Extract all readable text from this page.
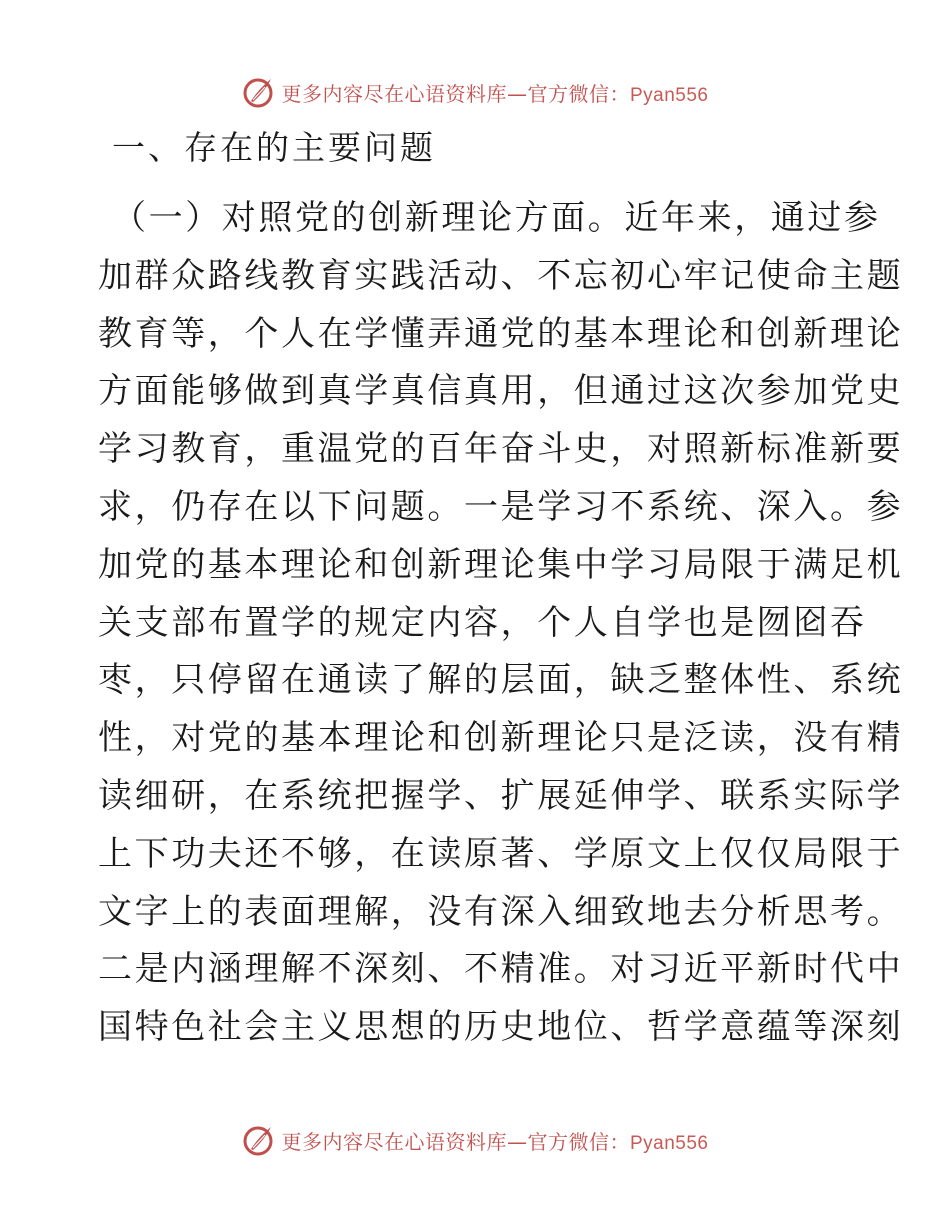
更多内容尽在心语资料库—官方微信：Pyan556
一、存在的主要问题
（一）对照党的创新理论方面。近年来，通过参
加群众路线教育实践活动、不忘初心牢记使命主题
教育等，个人在学懂弄通党的基本理论和创新理论
方面能够做到真学真信真用，但通过这次参加党史
学习教育，重温党的百年奋斗史，对照新标准新要
求，仍存在以下问题。一是学习不系统、深入。参
加党的基本理论和创新理论集中学习局限于满足机
关支部布置学的规定内容，个人自学也是囫囵吞
枣，只停留在通读了解的层面，缺乏整体性、系统
性，对党的基本理论和创新理论只是泛读，没有精
读细研，在系统把握学、扩展延伸学、联系实际学
上下功夫还不够，在读原著、学原文上仅仅局限于
文字上的表面理解，没有深入细致地去分析思考。
二是内涵理解不深刻、不精准。对习近平新时代中
国特色社会主义思想的历史地位、哲学意蕴等深刻
更多内容尽在心语资料库—官方微信：Pyan556
